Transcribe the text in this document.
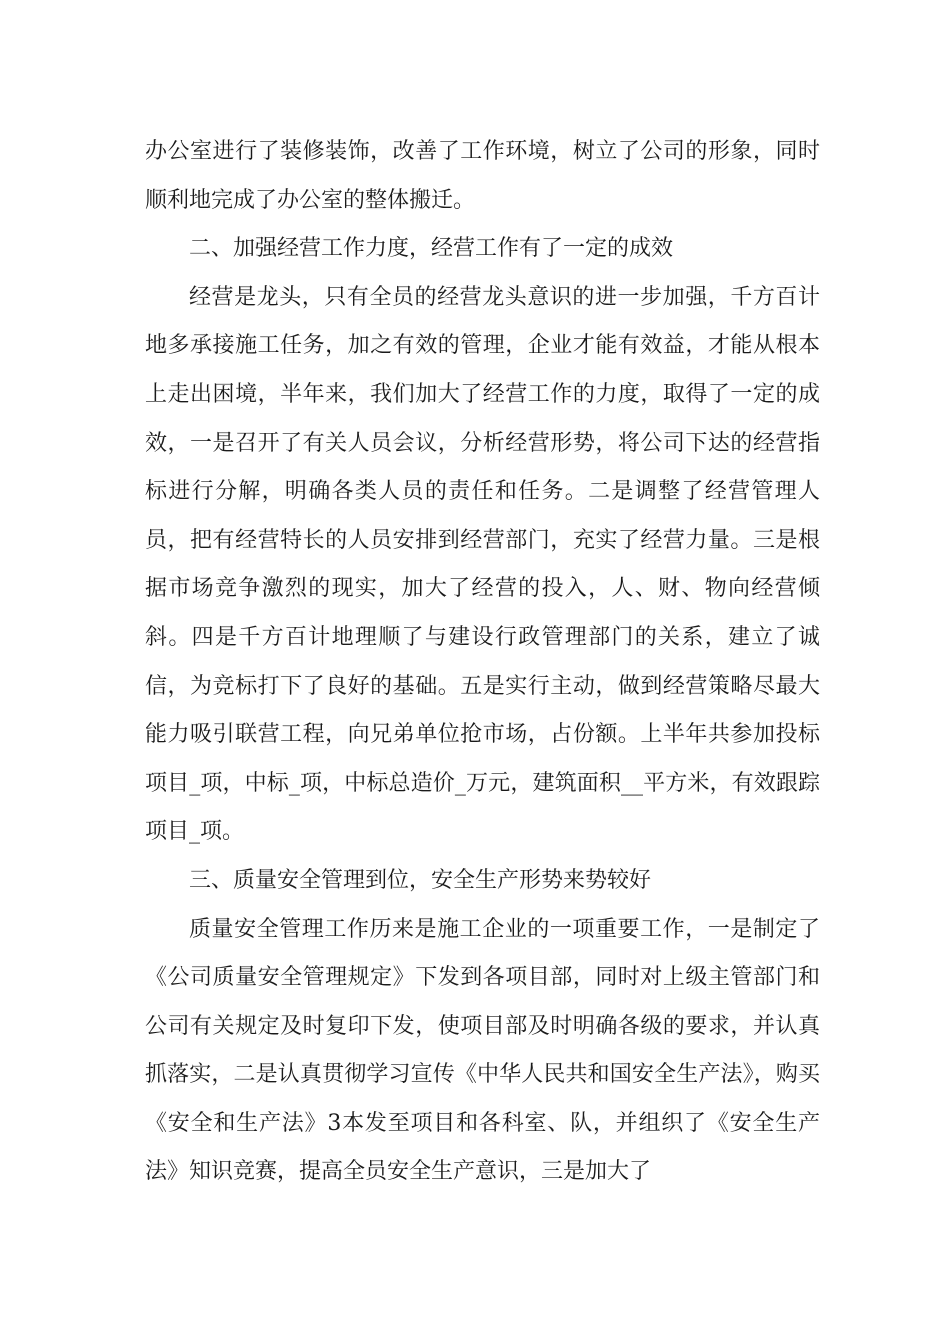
办公室进行了装修装饰，改善了工作环境，树立了公司的形象，同时顺利地完成了办公室的整体搬迁。

二、加强经营工作力度，经营工作有了一定的成效

经营是龙头，只有全员的经营龙头意识的进一步加强，千方百计地多承接施工任务，加之有效的管理，企业才能有效益，才能从根本上走出困境，半年来，我们加大了经营工作的力度，取得了一定的成效，一是召开了有关人员会议，分析经营形势，将公司下达的经营指标进行分解，明确各类人员的责任和任务。二是调整了经营管理人员，把有经营特长的人员安排到经营部门，充实了经营力量。三是根据市场竞争激烈的现实，加大了经营的投入，人、财、物向经营倾斜。四是千方百计地理顺了与建设行政管理部门的关系，建立了诚信，为竞标打下了良好的基础。五是实行主动，做到经营策略尽最大能力吸引联营工程，向兄弟单位抢市场，占份额。上半年共参加投标项目_项，中标_项，中标总造价_万元，建筑面积__平方米，有效跟踪项目_项。

三、质量安全管理到位，安全生产形势来势较好

质量安全管理工作历来是施工企业的一项重要工作，一是制定了《公司质量安全管理规定》下发到各项目部，同时对上级主管部门和公司有关规定及时复印下发，使项目部及时明确各级的要求，并认真抓落实，二是认真贯彻学习宣传《中华人民共和国安全生产法》，购买《安全和生产法》3本发至项目和各科室、队，并组织了《安全生产法》知识竞赛，提高全员安全生产意识，三是加大了
